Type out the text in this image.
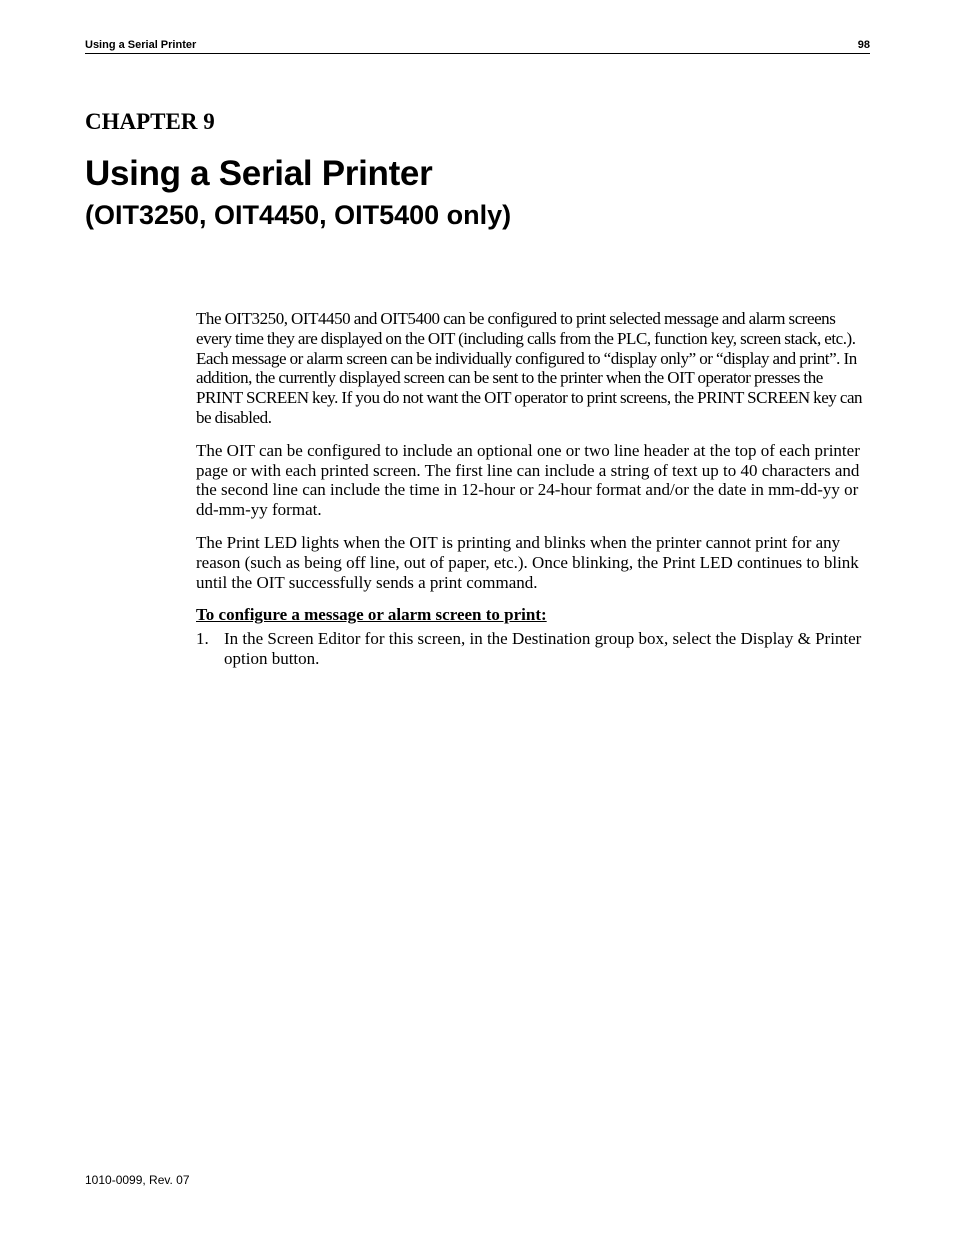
Using a Serial Printer	98
CHAPTER 9
Using a Serial Printer
(OIT3250, OIT4450, OIT5400 only)

The OIT3250, OIT4450 and OIT5400 can be configured to print selected message and alarm screens every time they are displayed on the OIT (including calls from the PLC, function key, screen stack, etc.). Each message or alarm screen can be individually configured to “display only” or “display and print”. In addition, the currently displayed screen can be sent to the printer when the OIT operator presses the PRINT SCREEN key. If you do not want the OIT operator to print screens, the PRINT SCREEN key can be disabled.

The OIT can be configured to include an optional one or two line header at the top of each printer page or with each printed screen. The first line can include a string of text up to 40 characters and the second line can include the time in 12-hour or 24-hour format and/or the date in mm-dd-yy or dd-mm-yy format.

The Print LED lights when the OIT is printing and blinks when the printer cannot print for any reason (such as being off line, out of paper, etc.). Once blinking, the Print LED continues to blink until the OIT successfully sends a print command.

To configure a message or alarm screen to print:
1. In the Screen Editor for this screen, in the Destination group box, select the Display & Printer option button.
1010-0099, Rev. 07
